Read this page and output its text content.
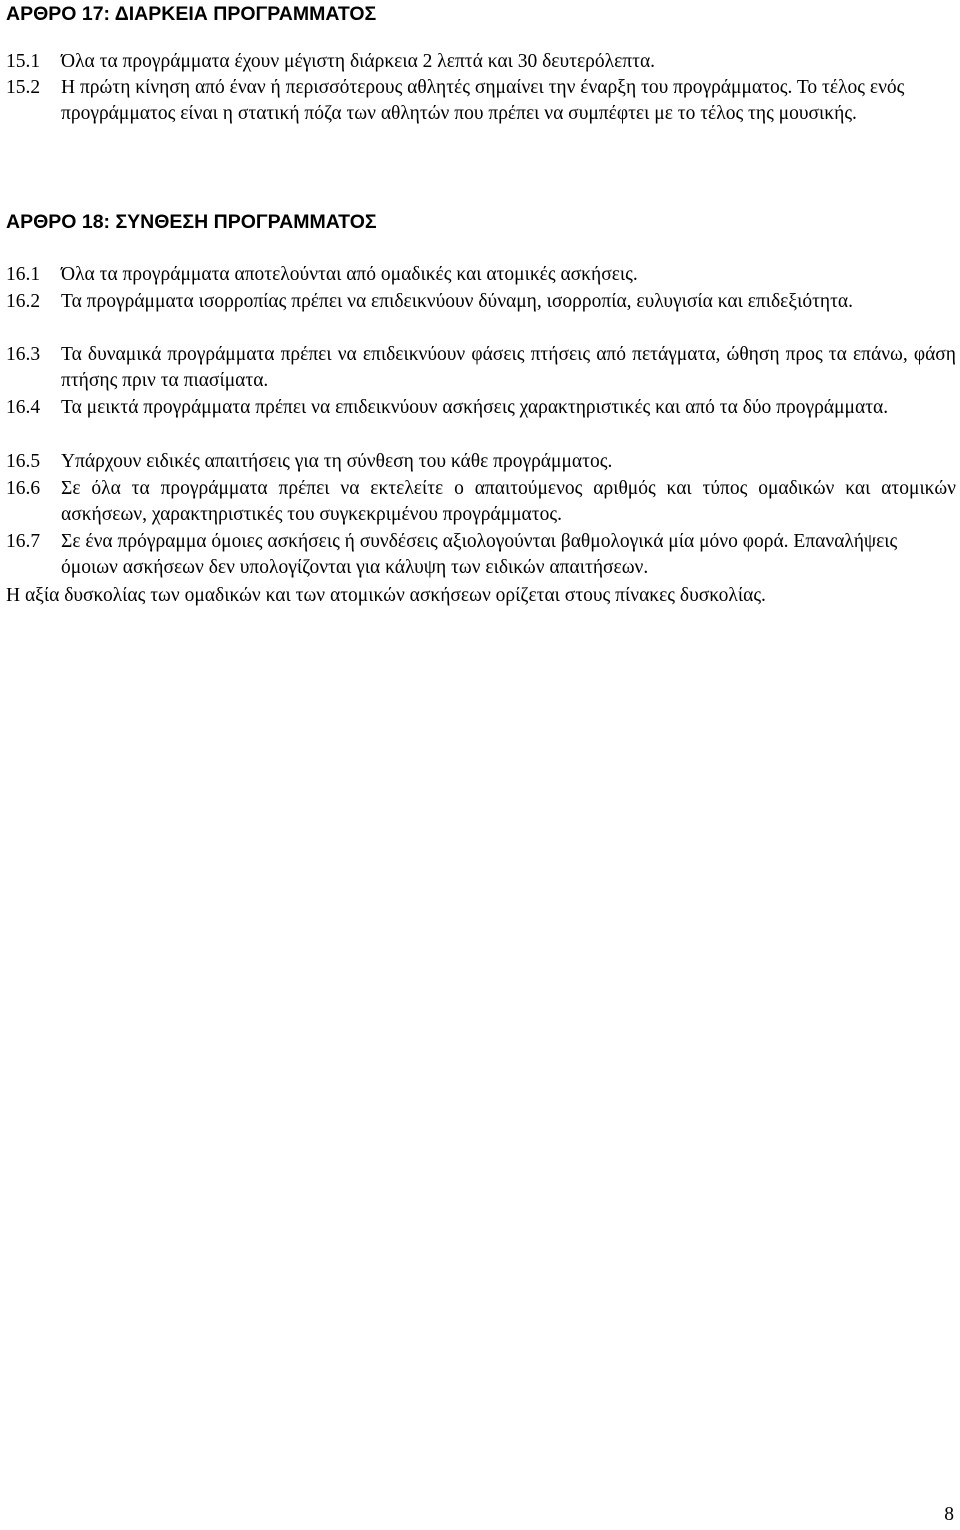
ΑΡΘΡΟ 17: ΔΙΑΡΚΕΙΑ ΠΡΟΓΡΑΜΜΑΤΟΣ
15.1	Όλα τα προγράμματα έχουν μέγιστη διάρκεια 2 λεπτά και 30 δευτερόλεπτα.
15.2	Η πρώτη κίνηση από έναν ή περισσότερους αθλητές σημαίνει την έναρξη του προγράμματος. Το τέλος ενός προγράμματος είναι η στατική πόζα των αθλητών που πρέπει να συμπέφτει με το τέλος της μουσικής.
ΑΡΘΡΟ 18: ΣΥΝΘΕΣΗ ΠΡΟΓΡΑΜΜΑΤΟΣ
16.1	Όλα τα προγράμματα αποτελούνται από ομαδικές και ατομικές ασκήσεις.
16.2	Τα προγράμματα ισορροπίας πρέπει να επιδεικνύουν δύναμη, ισορροπία, ευλυγισία και επιδεξιότητα.
16.3	Τα δυναμικά προγράμματα πρέπει να επιδεικνύουν φάσεις πτήσεις από πετάγματα, ώθηση προς τα επάνω, φάση πτήσης πριν τα πιασίματα.
16.4	Τα μεικτά προγράμματα πρέπει να επιδεικνύουν ασκήσεις χαρακτηριστικές και από τα δύο προγράμματα.
16.5	Υπάρχουν ειδικές απαιτήσεις για τη σύνθεση του κάθε προγράμματος.
16.6	Σε όλα τα προγράμματα πρέπει να εκτελείτε ο απαιτούμενος αριθμός και τύπος ομαδικών και ατομικών ασκήσεων, χαρακτηριστικές του συγκεκριμένου προγράμματος.
16.7	Σε ένα πρόγραμμα όμοιες ασκήσεις ή συνδέσεις αξιολογούνται βαθμολογικά μία μόνο φορά. Επαναλήψεις όμοιων ασκήσεων δεν υπολογίζονται για κάλυψη των ειδικών απαιτήσεων.

Η αξία δυσκολίας των ομαδικών και των ατομικών ασκήσεων ορίζεται στους πίνακες δυσκολίας.

8
